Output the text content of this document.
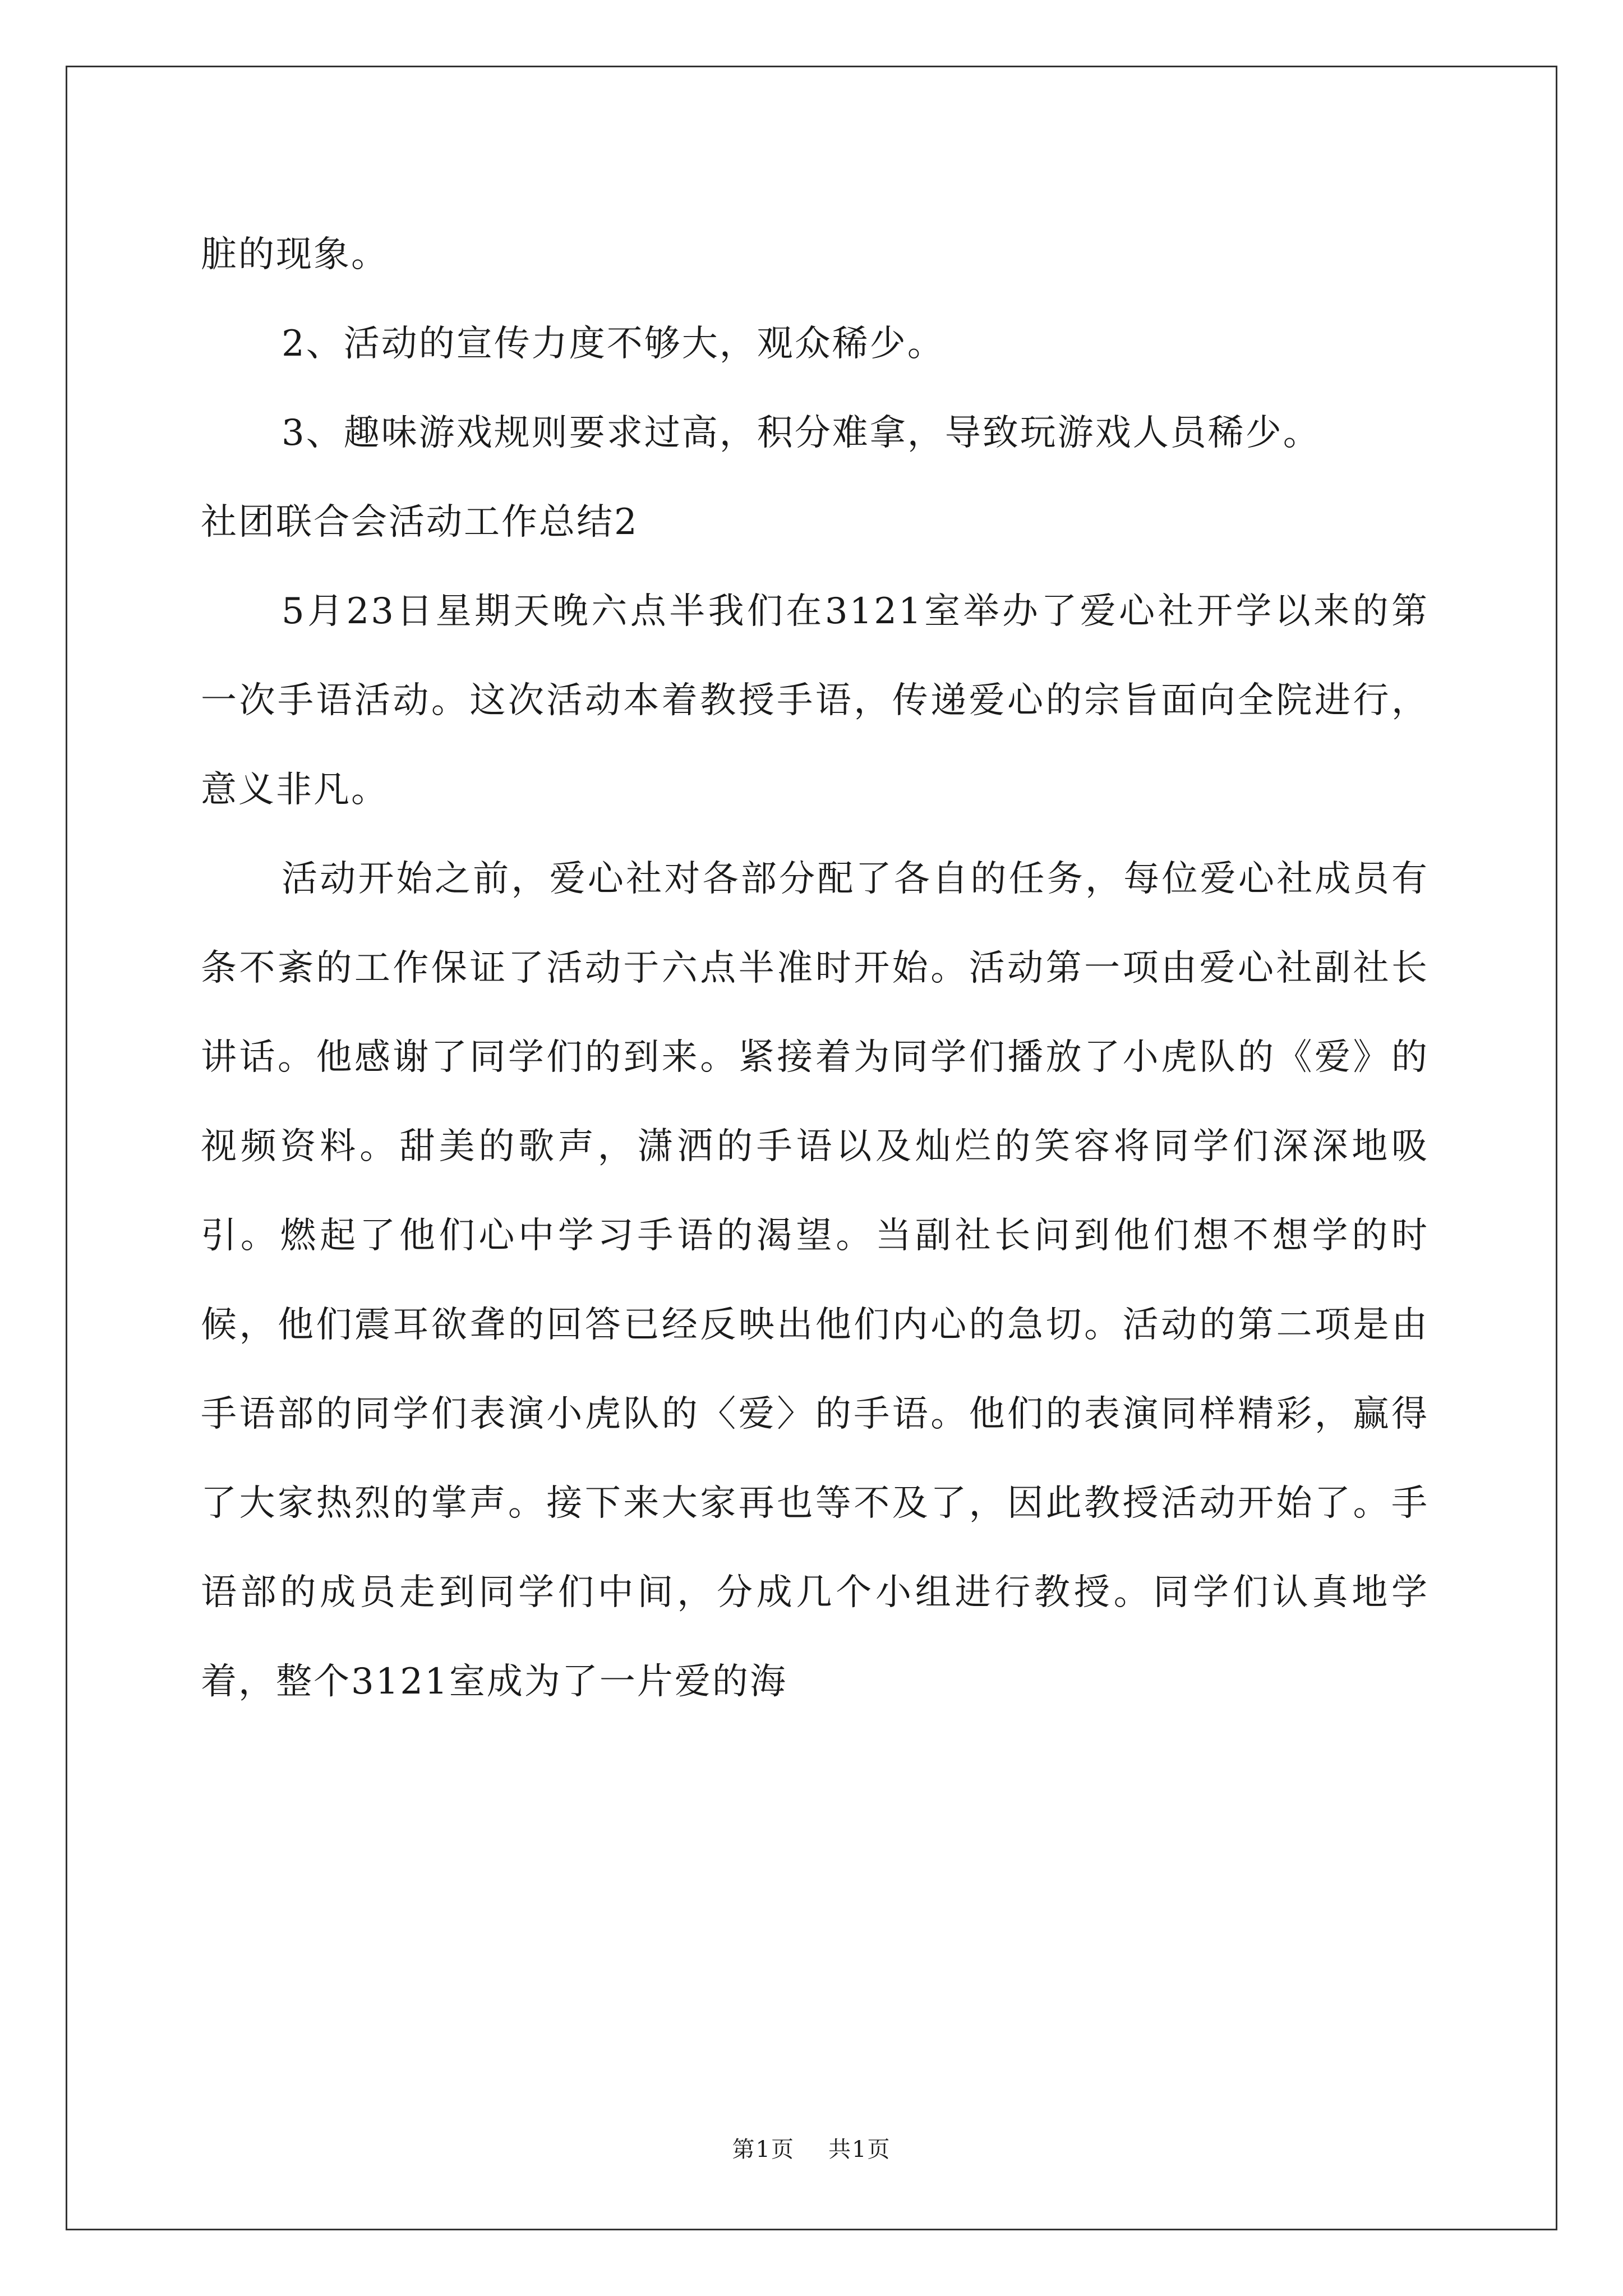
脏的现象。

2、活动的宣传力度不够大，观众稀少。

3、趣味游戏规则要求过高，积分难拿，导致玩游戏人员稀少。

社团联合会活动工作总结2

5月23日星期天晚六点半我们在3121室举办了爱心社开学以来的第一次手语活动。这次活动本着教授手语，传递爱心的宗旨面向全院进行，意义非凡。

活动开始之前，爱心社对各部分配了各自的任务，每位爱心社成员有条不紊的工作保证了活动于六点半准时开始。活动第一项由爱心社副社长讲话。他感谢了同学们的到来。紧接着为同学们播放了小虎队的《爱》的视频资料。甜美的歌声，潇洒的手语以及灿烂的笑容将同学们深深地吸引。燃起了他们心中学习手语的渴望。当副社长问到他们想不想学的时候，他们震耳欲聋的回答已经反映出他们内心的急切。活动的第二项是由手语部的同学们表演小虎队的〈爱〉的手语。他们的表演同样精彩，赢得了大家热烈的掌声。接下来大家再也等不及了，因此教授活动开始了。手语部的成员走到同学们中间，分成几个小组进行教授。同学们认真地学着，整个3121室成为了一片爱的海

第1页 共1页
